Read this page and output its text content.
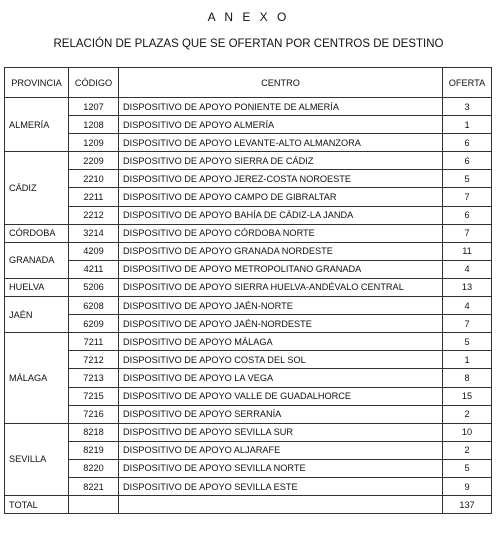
A N E X O
RELACIÓN DE PLAZAS QUE SE OFERTAN POR CENTROS DE DESTINO
PROVINCIA	CÓDIGO	CENTRO	OFERTA
ALMERÍA	1207	DISPOSITIVO DE APOYO PONIENTE DE ALMERÍA	3
	1208	DISPOSITIVO DE APOYO ALMERÍA	1
	1209	DISPOSITIVO DE APOYO LEVANTE-ALTO ALMANZORA	6
CÁDIZ	2209	DISPOSITIVO DE APOYO SIERRA DE CÁDIZ	6
	2210	DISPOSITIVO DE APOYO JEREZ-COSTA NOROESTE	5
	2211	DISPOSITIVO DE APOYO CAMPO DE GIBRALTAR	7
	2212	DISPOSITIVO DE APOYO BAHÍA DE CÁDIZ-LA JANDA	6
CÓRDOBA	3214	DISPOSITIVO DE APOYO CÓRDOBA NORTE	7
GRANADA	4209	DISPOSITIVO DE APOYO GRANADA NORDESTE	11
	4211	DISPOSITIVO DE APOYO METROPOLITANO GRANADA	4
HUELVA	5206	DISPOSITIVO DE APOYO SIERRA HUELVA-ANDÉVALO CENTRAL	13
JAÉN	6208	DISPOSITIVO DE APOYO JAÉN-NORTE	4
	6209	DISPOSITIVO DE APOYO JAÉN-NORDESTE	7
MÁLAGA	7211	DISPOSITIVO DE APOYO MÁLAGA	5
	7212	DISPOSITIVO DE APOYO COSTA DEL SOL	1
	7213	DISPOSITIVO DE APOYO LA VEGA	8
	7215	DISPOSITIVO DE APOYO VALLE DE GUADALHORCE	15
	7216	DISPOSITIVO DE APOYO SERRANÍA	2
SEVILLA	8218	DISPOSITIVO DE APOYO SEVILLA SUR	10
	8219	DISPOSITIVO DE APOYO ALJARAFE	2
	8220	DISPOSITIVO DE APOYO SEVILLA NORTE	5
	8221	DISPOSITIVO DE APOYO SEVILLA ESTE	9
TOTAL			137
